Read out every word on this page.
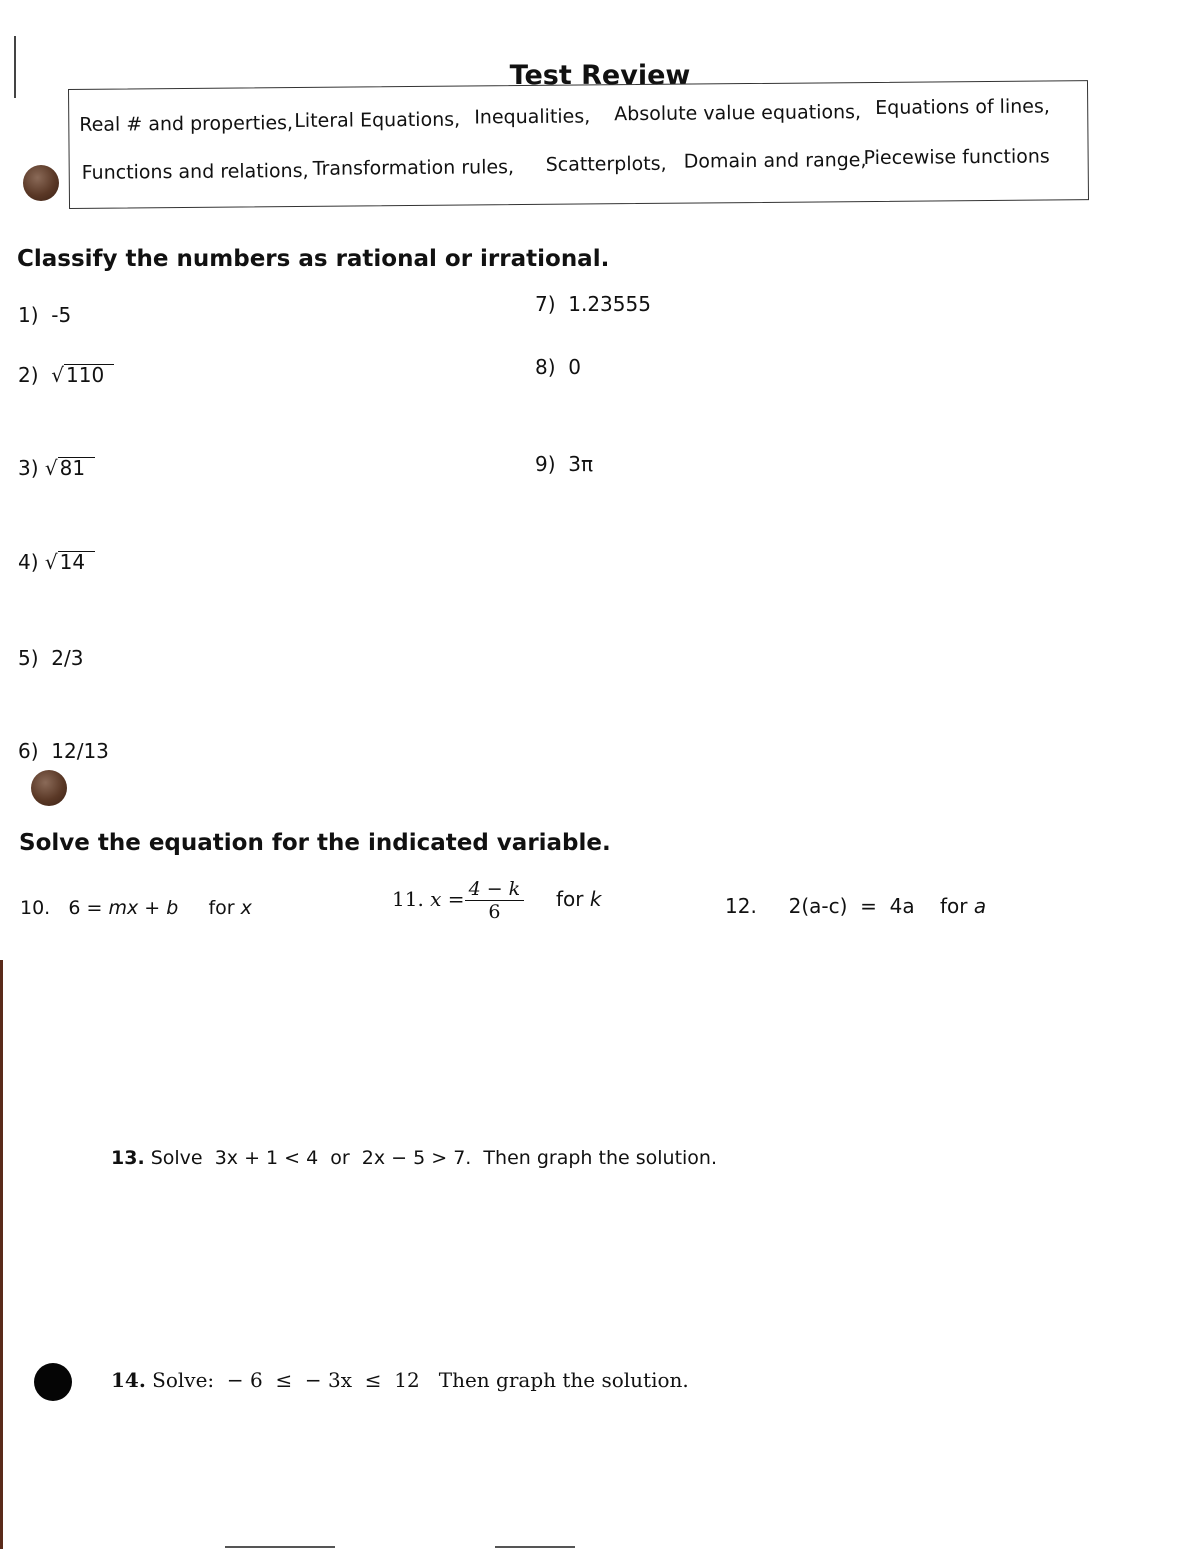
Test Review
Real # and properties, Literal Equations, Inequalities, Absolute value equations, Equations of lines,
Functions and relations, Transformation rules, Scatterplots, Domain and range,
Piecewise functions
Classify the numbers as rational or irrational.
1) -5
2) √ 110
3) √ 81
4) √ 14
5) 2/3
6) 12/13
7) 1.23555
8) 0
9) 3π
Solve the equation for the indicated variable.
10. 6 = mx + b for x	11. $x = \frac{4 - k}{6}$ for k	12. 2(a-c)  =  4a for a
13. Solve  3x + 1 < 4  or  2x − 5 > 7.  Then graph the solution.
14. Solve:  − 6  ≤  − 3x  ≤  12   Then graph the solution.
